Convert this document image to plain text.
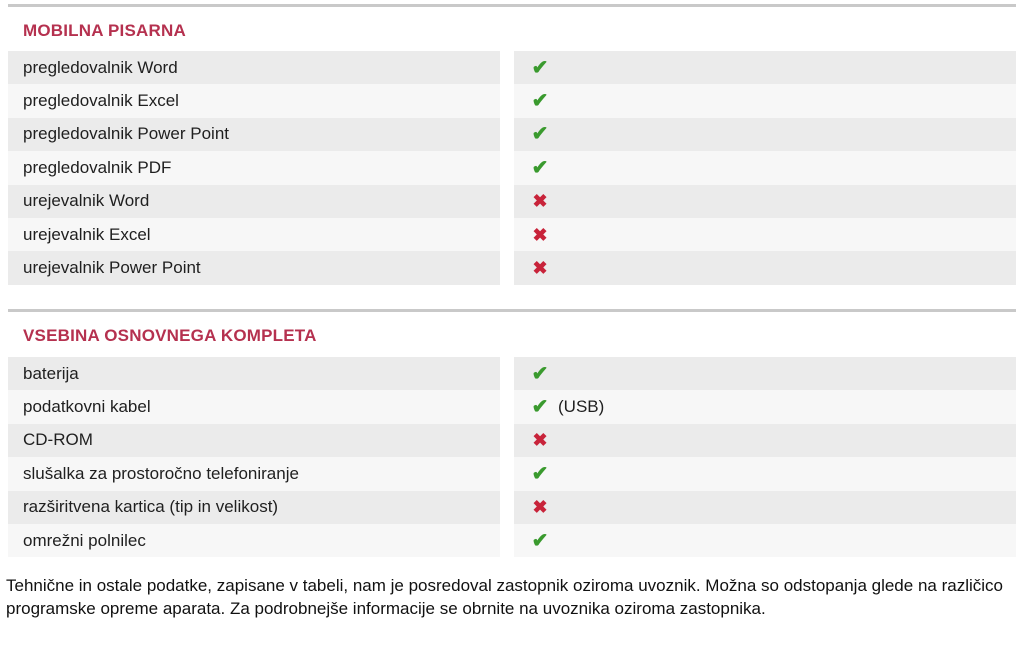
MOBILNA PISARNA
pregledovalnik Word	✔
pregledovalnik Excel	✔
pregledovalnik Power Point	✔
pregledovalnik PDF	✔
urejevalnik Word	✖
urejevalnik Excel	✖
urejevalnik Power Point	✖
VSEBINA OSNOVNEGA KOMPLETA
baterija	✔
podatkovni kabel	✔ (USB)
CD-ROM	✖
slušalka za prostoročno telefoniranje	✔
razširitvena kartica (tip in velikost)	✖
omrežni polnilec	✔
Tehnične in ostale podatke, zapisane v tabeli, nam je posredoval zastopnik oziroma uvoznik. Možna so odstopanja glede na različico programske opreme aparata. Za podrobnejše informacije se obrnite na uvoznika oziroma zastopnika.
